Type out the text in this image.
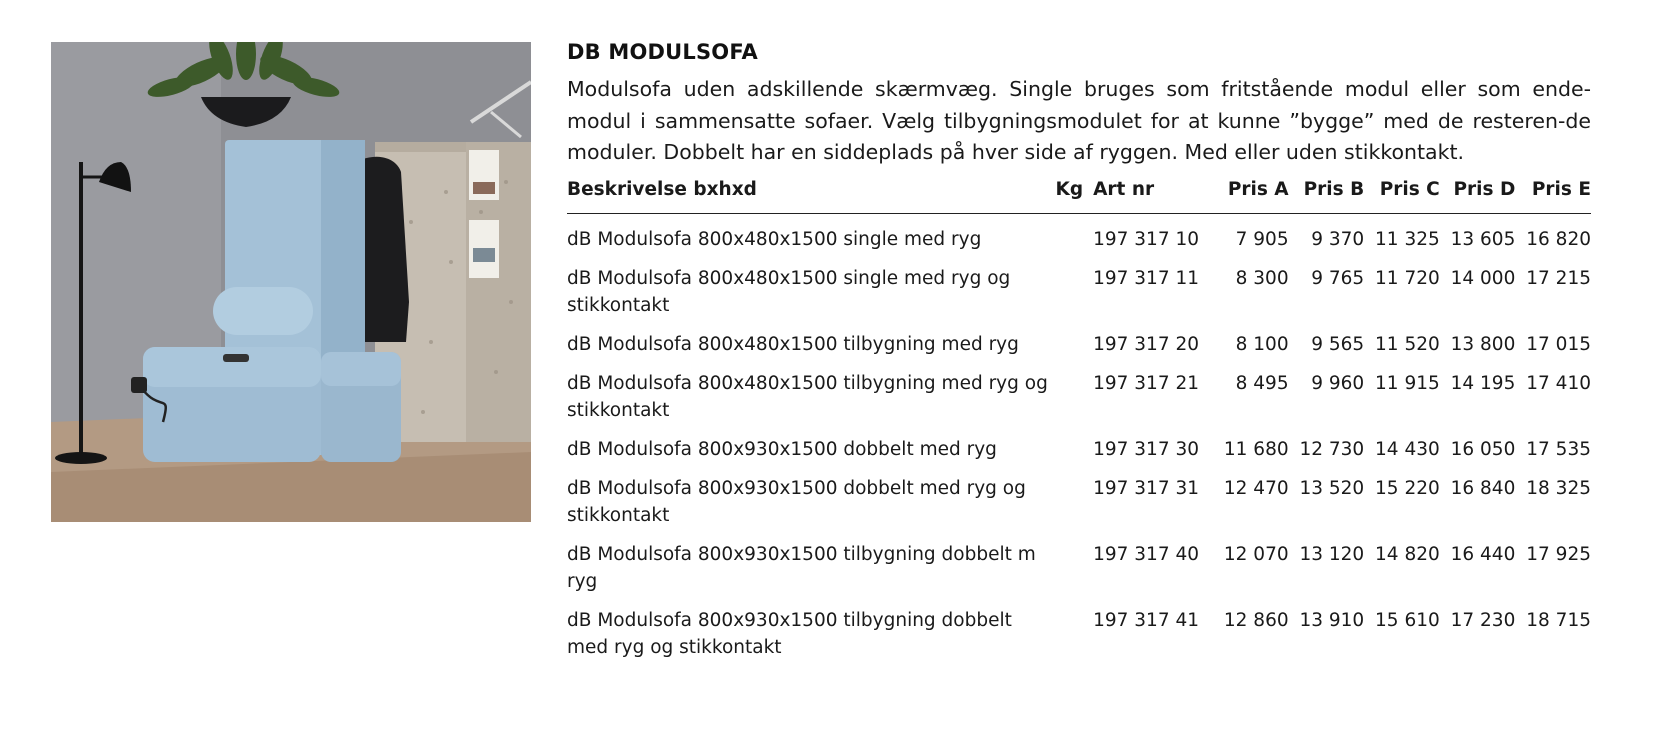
DB MODULSOFA

Modulsofa uden adskillende skærmvæg. Single bruges som fritstående modul eller som ende-modul i sammensatte sofaer. Vælg tilbygningsmodulet for at kunne ”bygge” med de resteren-de moduler. Dobbelt har en siddeplads på hver side af ryggen. Med eller uden stikkontakt.

Beskrivelse bxhxd	Kg	Art nr	Pris A	Pris B	Pris C	Pris D	Pris E
dB Modulsofa 800x480x1500 single med ryg		197 317 10	7 905	9 370	11 325	13 605	16 820
dB Modulsofa 800x480x1500 single med ryg og stikkontakt		197 317 11	8 300	9 765	11 720	14 000	17 215
dB Modulsofa 800x480x1500 tilbygning med ryg		197 317 20	8 100	9 565	11 520	13 800	17 015
dB Modulsofa 800x480x1500 tilbygning med ryg og stikkontakt		197 317 21	8 495	9 960	11 915	14 195	17 410
dB Modulsofa 800x930x1500 dobbelt med ryg		197 317 30	11 680	12 730	14 430	16 050	17 535
dB Modulsofa 800x930x1500 dobbelt med ryg og stikkontakt		197 317 31	12 470	13 520	15 220	16 840	18 325
dB Modulsofa 800x930x1500 tilbygning dobbelt m ryg		197 317 40	12 070	13 120	14 820	16 440	17 925
dB Modulsofa 800x930x1500 tilbygning dobbelt med ryg og stikkontakt		197 317 41	12 860	13 910	15 610	17 230	18 715
